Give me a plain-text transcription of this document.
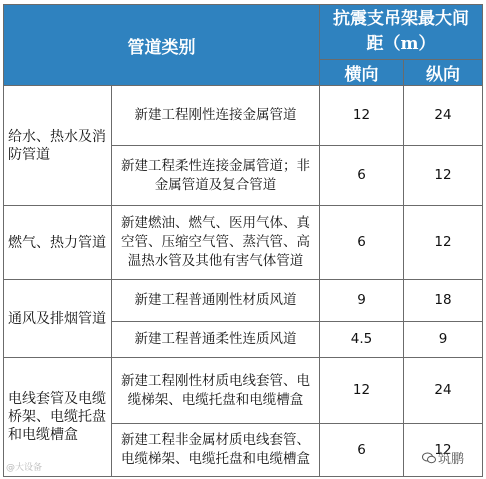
管道类别		抗震支吊架最大间距（m）	
		横向	纵向
给水、热水及消防管道	新建工程刚性连接金属管道	12	24
	新建工程柔性连接金属管道；非金属管道及复合管道	6	12
燃气、热力管道	新建燃油、燃气、医用气体、真空管、压缩空气管、蒸汽管、高温热水管及其他有害气体管道	6	12
通风及排烟管道	新建工程普通刚性材质风道	9	18
	新建工程普通柔性连质风道	4.5	9
电线套管及电缆桥架、电缆托盘和电缆槽盒	新建工程刚性材质电线套管、电缆梯架、电缆托盘和电缆槽盒	12	24
	新建工程非金属材质电线套管、电缆梯架、电缆托盘和电缆槽盒	6	12
@大设备
筑鹏
